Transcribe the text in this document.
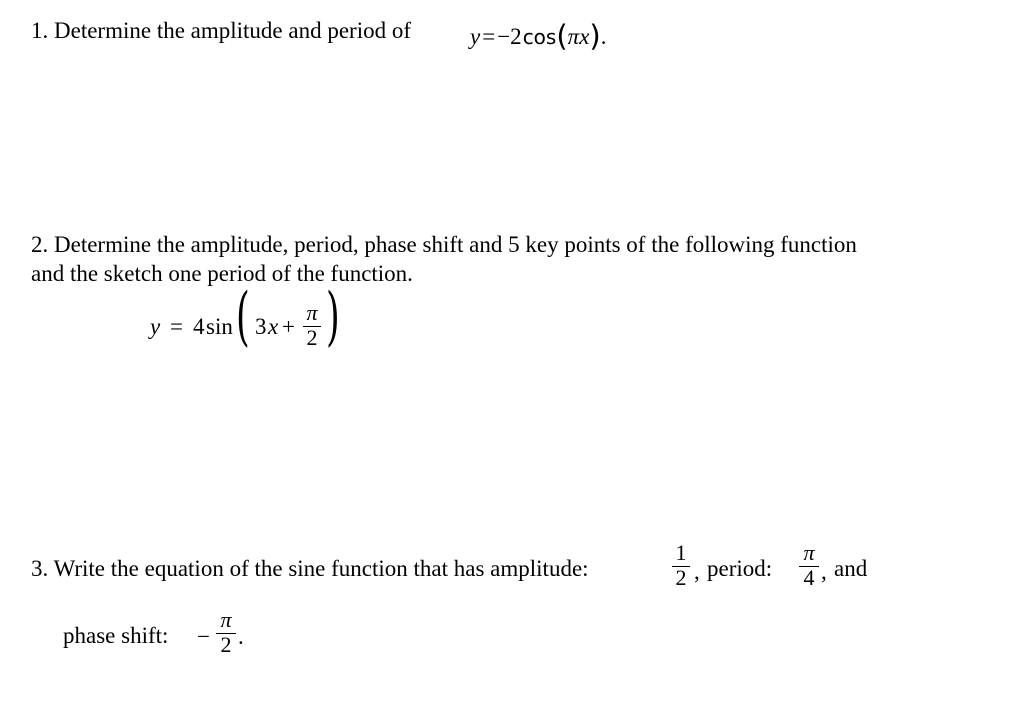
1. Determine the amplitude and period of	y=−2cos(πx).
2. Determine the amplitude, period, phase shift and 5 key points of the following function
and the sketch one period of the function.
y = 4 sin ( 3 x +
π
2 )
3. Write the equation of the sine function that has amplitude:
1
2 , period:
π
4 , and
phase shift: −
π
2 .
